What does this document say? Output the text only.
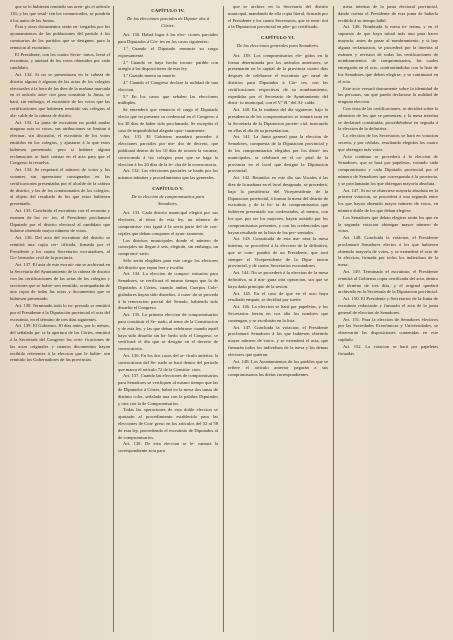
que se lo hubiesen remitido sus aren- gis el artículo 116; y las que resul- ten los comunicados, se pondrán á los autos de las Juntas.

Ésta y otras documentos serán en- tregados por los ayuntamientos de las poblaciones del partido á los comisarios de los partidos que se designen, para la remision al escrutinio.

El Presidente, con los cuatro Secre- tarios, leerá el escrutinio, y anotará de los votos obtenidos por cada candidato.

Art. 132. Si no se presentasen en la cabeza de distrito alguna ó algunas de las actas de los colegios electorales á la hora de las diez de la mañana marcada en el artículo ante- rior para constituir la Junta, se hará, sin embargo, el escrutinio de los votos que las certificaciones que hubiesen remitido sus colegios al ala- calde de la cabeza de distrito.

Art. 133. La junta de escrutinio no podrá anular ninguna acta ni votos, sus atribuciones se limitan á efectuar, sin discusión, el escrutinio de los votos emitidos en los colegios, y ajustarse á lo que estos hubiesen presentado; pero si hubiere alguna reclamacion se hará constar en el acta para que el Congreso la resuelva.

Art. 134. Se respetará el número de votos y los votantes sin aprensione consignados en las certificaciones presentadas por el alcalde de la cabeza de distrito, y las de los comisionados de los colegios, al objeto del resultado de los que estos hubiesen presentado.

Art. 135. Concluido el escrutinio con el recuento y examen de los vo- tos, el Presidente proclamará Diputado por el distrito electoral al candidato que hubiese obtenido mayor número de votos.

Art. 136. Del acta del escrutinio del distrito se remitirá una copia cer- tificada, firmada por el Presidente y los cuatro Secretarios escrutadores, al Go- bernador civil de la provincia.

Art. 137. El acta de este escruti- nio se archivará en la Secretaría del Ayuntamiento de la cabeza de distrito con las certificaciones de las actas de los colegios y secciones que se hubie- sen remitido, acompañadas de una copia de todas las actas y documentos que se hubiesen presentado.

Art. 138. Terminado todo lo ex- presado se remitirá por el Presidente á la Diputación provincial el acta del escrutinio, en el término de tres días siguientes.

Art. 139. El Gobierno, 30 días antes, por lo ménos, del señalado pa- ra la apertura de las Córtes, remitirá á la Secretaría del Congreso las certi- ficaciones de las actas originales y cuantos documentos hayan recibido referentes á la eleccion que le hubie- sen remitido los Gobernadores de las provincias.

CAPÍTULO IV.
De los elecciones parciales de Diputa- dos á Córtes.

Art. 130. Habrá lugar á las elec- ciones parciales para Diputados á Cór- tes en los casos siguientes:

1.º Cuando el Diputado renuncie su cargo expresamente.

2.º Cuando se haya hecho incom- patible con arreglo á las disposiciones de esta ley.

3.º Cuando muera su muerte.

4.º Cuando el Congreso declare la nulidad de una eleccion.

5.º En los casos que señalen las elecciones múltiples.

Se entenderá que renuncia el cargo el Diputado electo que no presente su credencial en el Congreso á los 30 días de haber sido proclamado. Se exceptúa el caso de imposibilidad alegada opor- tunamente.

Art. 131. El Gobierno mandará proceder á elecciones parciales por me- dio de decreto, que publicará dentro de los 10 días de ocurrir la vacante, convocando á los colegios para que se haga la eleccion á los 20 días de la fe- cha de la convocatoria.

Art. 132. Las elecciones parciales se harán por los mismos trámites y procedimientos que las generales.

CAPÍTULO V.
De la eleccion de compromisarios para Senadores.

Art. 133. Cada distrito municipal elegirá por sus electores, al tenor de esta ley, un número de compromisa- rios igual á la sexta parte del de con- cejales que deban componer el ayun- tamiento.

Los distritos municipales donde el número de concejales no llegue á seis, elegirán, sin embargo, un compromi- sario.

Sólo serán elegibles para este cargo los electores del distrito que sepan leer y escribir.

Art. 134. La eleccion de compro- misarios para Senadores, se verificará el mismo tiempo que la de Diputados á Córtes, cuando ambas Cuerpos Cole- gisladores hayan sido disueltos, ó cuan- do se proceda á la renovacion parcial del Senado, habiendo sido disuelto el Congreso.

Art. 135. La primera eleccion de compromisarios para constituir el Se- nado, al tenor de la Constitucion y de esta ley, y las que deban celebrarse cuando aquél haya sido disuelto sin ha- berlo sido el Congreso, se verificará el día que se designe en el decreto de convocatoria.

Art. 136. En los dos casos del ar- tículo anterior, la convocatoria del Se- nado se hará dentro del periodo que marca el artículo 72 de la Constitu- cion.

Art. 137. Cuando las elecciones de compromisarios para Senadores se verifiquen al mismo tiempo que las de Diputados á Córtes, habrá en la mesa dos urnas de distinto color, señalada una con la palabra Diputados y otra con la de Compromisarios.

Todas las operaciones de esta doble eleccion se ajustarán al procedimiento establecido para las elecciones de Con- greso en los artículos del 52 al 58 de esta ley, procediendo el escrutinio de Diputados al de compromisarios.

Art. 138. De esta eleccion se le- vantará la correspondiente acta para

que se archive en la Secretaría del distrito municipal, mandando de ella copia literal, firmada por el Presidente y los cuatro Secretarios, que se remi- tirá á la Diputacion provincial en plie- go certificado.

CAPÍTULO VI.
De las elecciones generales para Senadores.

Art. 139. Los compromisarios ele- gidos en la forma determinada por los artículos anteriores, se presentarán en la capital de la provincia cuatro días después de celebrarse el escrutinio ge- neral de distritos para Diputados á Cór- tes, con las certificaciones respectivas de su nombramiento, expedidas por el Secretario de Ayuntamiento del distri- to municipal, con el V.º B.º del Al- calde.

Art. 140. En la mañana del día siguiente, bajo la presidencia de los compromisarios se tomará nota en la Secretaría de la Diputacion provin- cial, marcando en ellas el día de su presentacion.

Art. 141. La Junta general para la eleccion de Senadores, compuesta de la Diputacion provincial y de los compromisarios elegidos por los distri- tos municipales, se celebrará en el ca- pital de la provincia en el local que designe la Diputacion provincial.

Art. 142. Reunidos en este día sus Vocales á las diez de la mañana en el local designado, se procederá, bajo la presidencia del Vicepresidente de la Diputacion provincial, á formar la mesa del distrito de escrutinio y de la lis- ta de compromisarios que hubieren presentado sus credenciales, al menos, con los que, por ser los mayores, hayan asistido por los compromisarios presentes, y con las credenciales que hayan resultado en la lista de los pre- sentados.

Art. 143. Constituida de esta ma- nera la mesa interina, se procederá á la eleccion de la definitiva, que se com- pondrá de un Presidente, que será siempre el Vicepresidente de la Dipu- tacion provincial, y de cuatro Secretarios escrutadores.

Art. 144. No se procederá á la eleccion de la mesa definitiva, ni á nin- guna otra operacion, sin que se haya dado principio de la sesion.

Art. 145. En el caso de que en el acto haya resultado empate, se decidirá por suerte.

Art. 146. La eleccion se hará por papeletas, y los Secretarios leerán en voz alta los nombres que contengan, y se escribirán en la lista.

Art. 147. Concluida la votacion, el Presidente proclamará Senadores á los que hubiesen obtenido mayor número de votos, y se extenderá el acta, que firmarán todos los individuos de la mesa y los demas electores que quieran.

Art. 148. Los Ayuntamientos de los pueblos que se refiere el artículo anterior pagarán a sus compromisarios las dietas correspondientes.

mesa interina de la junta electoral provincial, dando cuenta el Presidente de esta junta de haberla recibido á su tiempo hábil.

Art. 146. Nombrada la mesa in- terina, y en el supuesto de que haya mitad más uno para hacer mayoría, antes de pasar al nombramiento, y si hay alguna reclamacion, se procederá por la interina al exámen y revision de todas las certificaciones de nombramientos de compromisarios, las cuales entregarán en el acto, confrontándolas con la lista de los Senadores que deben elegirse, y se continuará en el acto.

Este acto versará únicamente sobre la identidad de las personas, sin que pueda declararse la nulidad de ninguna eleccion.

Con vista de las certificaciones, se decidirá sobre la admision de los que se presenten, y la mesa interina se declarará constituida, procediéndose en seguida á la eleccion de la definitiva.

La eleccion de los Secretarios se hará en votacion secreta, y por cédulas, resultando elegidos los cuatro que obtengan más votos.

Acto continuo se procederá á la eleccion de Senadores, que se hará por papeletas, votando cada compromisario y cada Diputado provincial por el número de Senadores que corresponda á la provincia, y se proclamarán los que obtengan mayoría absoluta.

Art. 147. Si no se obtuviese mayoría absoluta en la primera votacion, se procederá á una segunda entre los que hayan obtenido mayor número de votos, en número doble de los que deban elegirse.

Los Senadores que deban elegirse serán los que en la segunda votacion obtengan mayor número de votos.

Art. 148. Concluida la votacion, el Presidente proclamará Senadores electos á los que hubiesen obtenido mayoría de votos, y se extenderá el acta de la eleccion, firmada por todos los individuos de la mesa.

Art. 149. Terminado el escrutinio, el Presidente remitirá al Gobierno copia certificada del acta, dentro del término de tres días, y el original quedará archivado en la Secretaría de la Diputacion provincial.

Art. 150. El Presidente y Secretarios de la Junta de escrutinio redactarán y firmarán el acta de la junta general de eleccion de Senadores.

Art. 151. Para la eleccion de Senadores electivos por las Sociedades Económicas y Universidades, se observarán las disposiciones contenidas en este capítulo.

Art. 152. La votacion se hará por papeletas firmadas.
